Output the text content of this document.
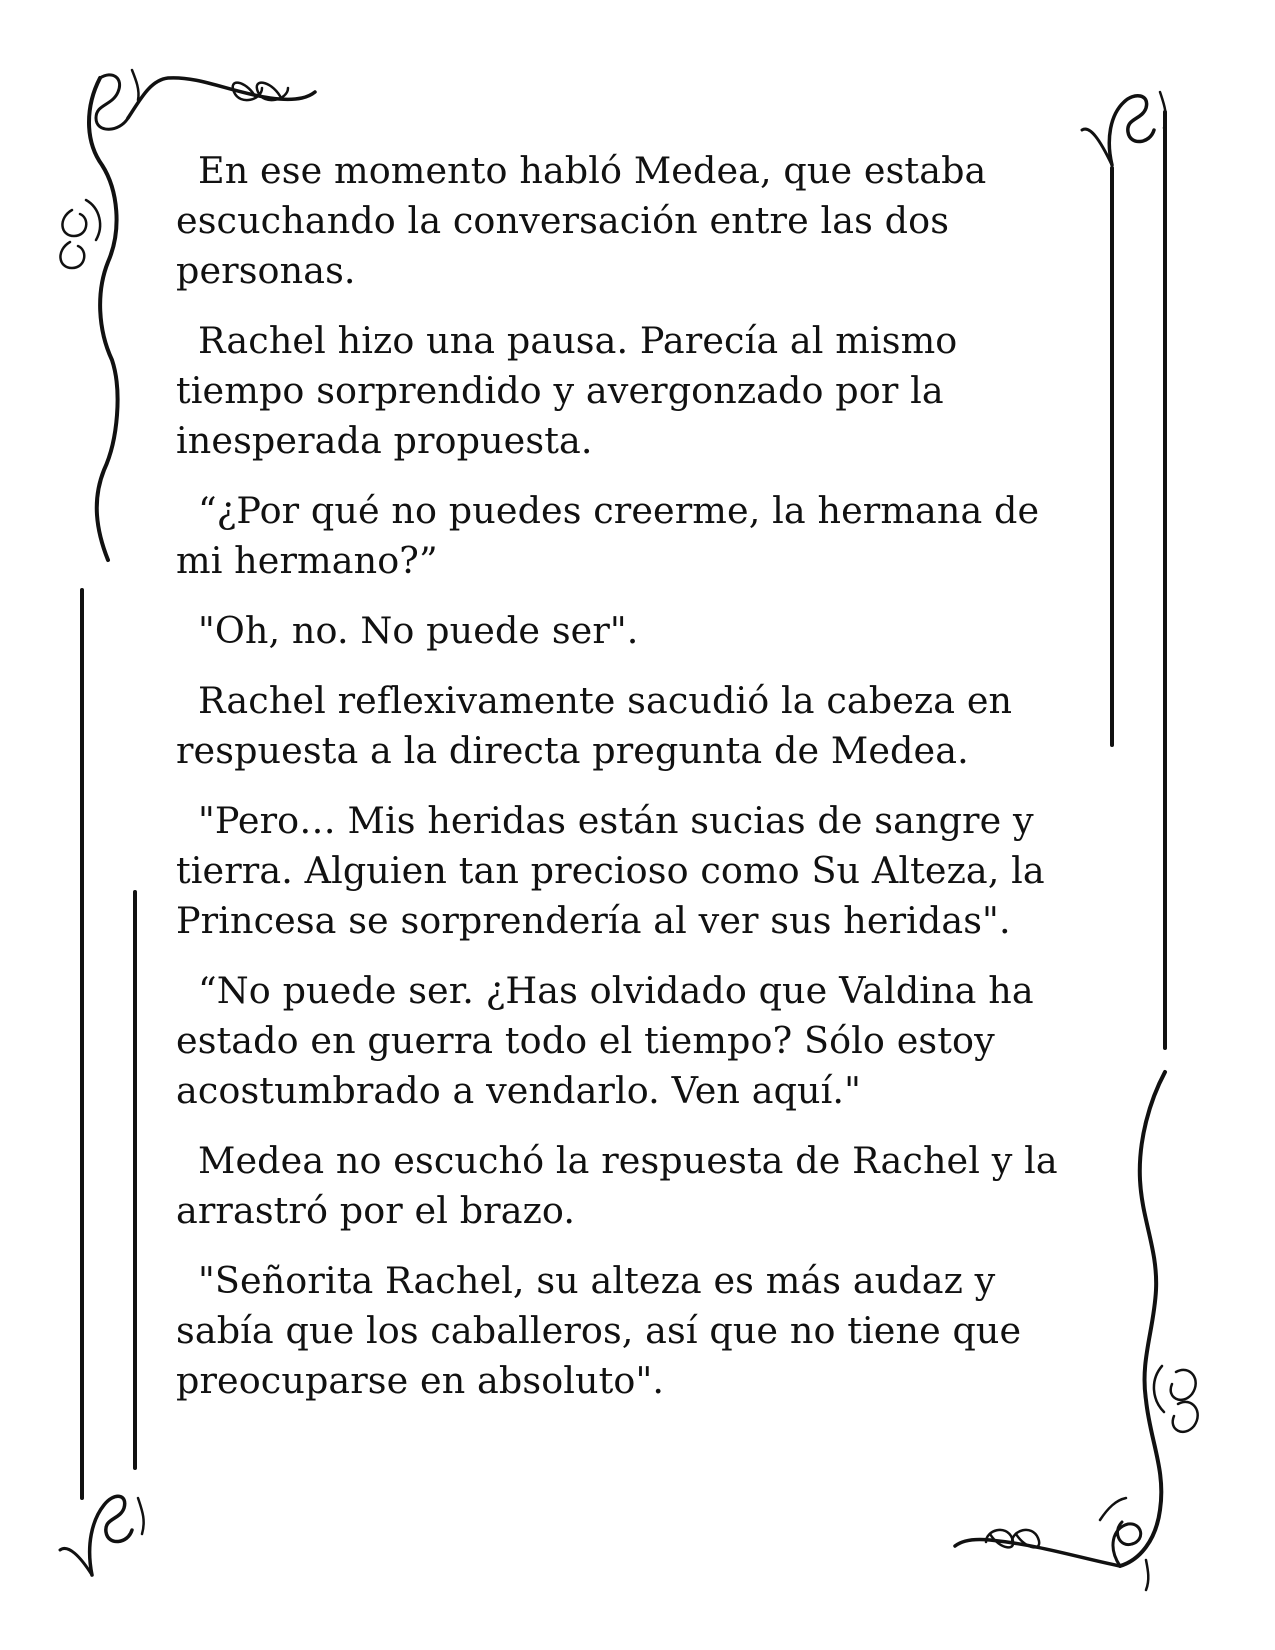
En ese momento habló Medea, que estaba escuchando la conversación entre las dos personas.

Rachel hizo una pausa. Parecía al mismo tiempo sorprendido y avergonzado por la inesperada propuesta.

“¿Por qué no puedes creerme, la hermana de mi hermano?”

"Oh, no. No puede ser".

Rachel reflexivamente sacudió la cabeza en respuesta a la directa pregunta de Medea.

"Pero… Mis heridas están sucias de sangre y tierra. Alguien tan precioso como Su Alteza, la Princesa se sorprendería al ver sus heridas".

“No puede ser. ¿Has olvidado que Valdina ha estado en guerra todo el tiempo? Sólo estoy acostumbrado a vendarlo. Ven aquí."

Medea no escuchó la respuesta de Rachel y la arrastró por el brazo.

"Señorita Rachel, su alteza es más audaz y sabía que los caballeros, así que no tiene que preocuparse en absoluto".
